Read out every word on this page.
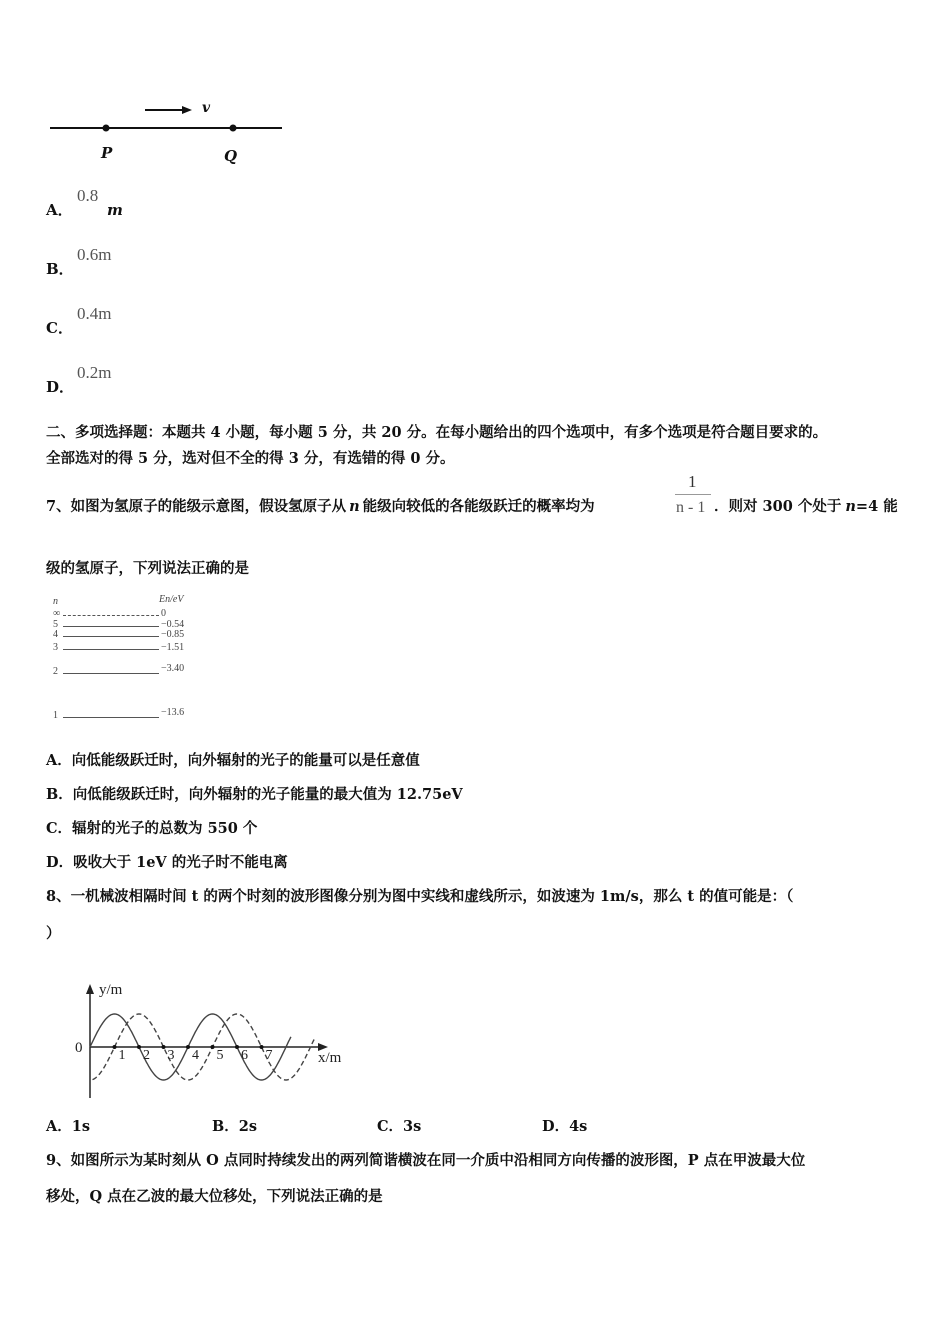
v
P	Q
A．
0.8
m
B．
0.6m
C．
0.4m
D．
0.2m
二、多项选择题：本题共 4 小题，每小题 5 分，共 20 分。在每小题给出的四个选项中，有多个选项是符合题目要求的。
全部选对的得 5 分，选对但不全的得 3 分，有选错的得 0 分。
7、如图为氢原子的能级示意图，假设氢原子从 n 能级向较低的各能级跃迁的概率均为
1
n - 1 ．则对 300 个处于 n=4 能
级的氢原子，下列说法正确的是
n	En/eV
∞	0
5	−0.54
4	−0.85
3	−1.51
2	−3.40
1	−13.6
A．向低能级跃迁时，向外辐射的光子的能量可以是任意值
B．向低能级跃迁时，向外辐射的光子能量的最大值为 12.75eV
C．辐射的光子的总数为 550 个
D．吸收大于 1eV 的光子时不能电离
8、一机械波相隔时间 t 的两个时刻的波形图像分别为图中实线和虚线所示，如波速为 1m/s，那么 t 的值可能是：（
）
y/m
x/m
0	1 2 3 4 5 6 7
A．1s	B．2s	C．3s	D．4s
9、如图所示为某时刻从 O 点同时持续发出的两列简谐横波在同一介质中沿相同方向传播的波形图，P 点在甲波最大位
移处，Q 点在乙波的最大位移处，下列说法正确的是
